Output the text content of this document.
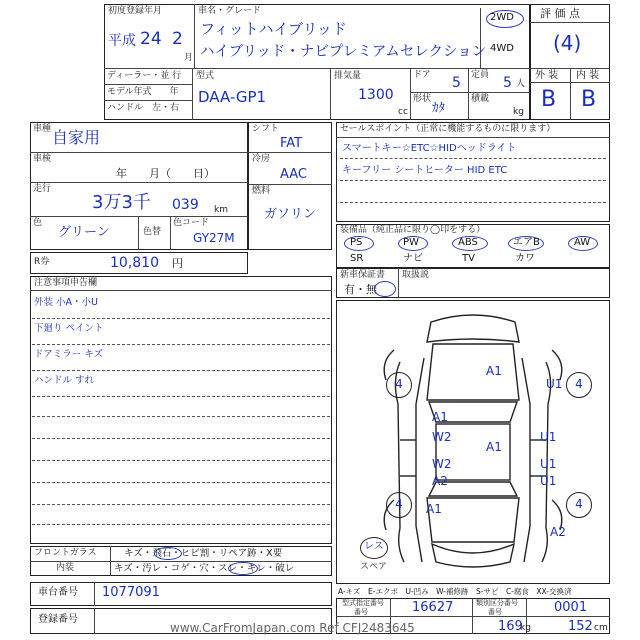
初度登録年月
平成 24 2
月
車名・グレード
フィットハイブリッド
ハイブリッド・ナビプレミアムセレクション
2WD
4WD
評 価 点
(4)
外 装 内 装
B B
ディーラー・並 行
モデル年式　　年
ハンドル　左・右
型式
DAA-GP1
排気量
1300
cc
ドア 5 定員 5 人
形状
ｶﾀ
積載
kg
車種 自家用
車検
年　　月（　　日）
走行
3万3千 039 km
色
グリーン	色替
色コード
GY27M
シフト
FAT
冷房
AAC
燃料
ガソリン
R券	10,810 円
セールスポイント（正常に機能するものに限ります）
スマートキー☆ETC☆HIDヘッドライト
キーフリー シートヒーター HID ETC
装備品（純正品に限り◯印をする）
PS	PW	ABS	エアB	AW
SR	ナビ	TV	カワ
新車保証書
有・無
取扱説
注意事項申告欄
外装 小A・小U
下廻り ペイント
ドアミラー キズ
ハンドル すれ	4	4
4	4
A1
A1
W2
A1
W2
A2
A1
U1
U1
U1
U1
A2
レス
スペア
フロントガラス	キズ・飛石・ヒビ割・リペア跡・X要
内装	キズ・汚レ・コゲ・穴・スレ・キレ・破レ
A-キズ　E-エクボ　U-凹み　W-補修跡　S-サビ　C-腐食　XX-交換済
車台番号 1077091
登録番号
型式指定番号
番号	16627	類別区分番号
番号	0001
169
kg	152 cm
www.CarFromJapan.com Ref CFJ2483645
